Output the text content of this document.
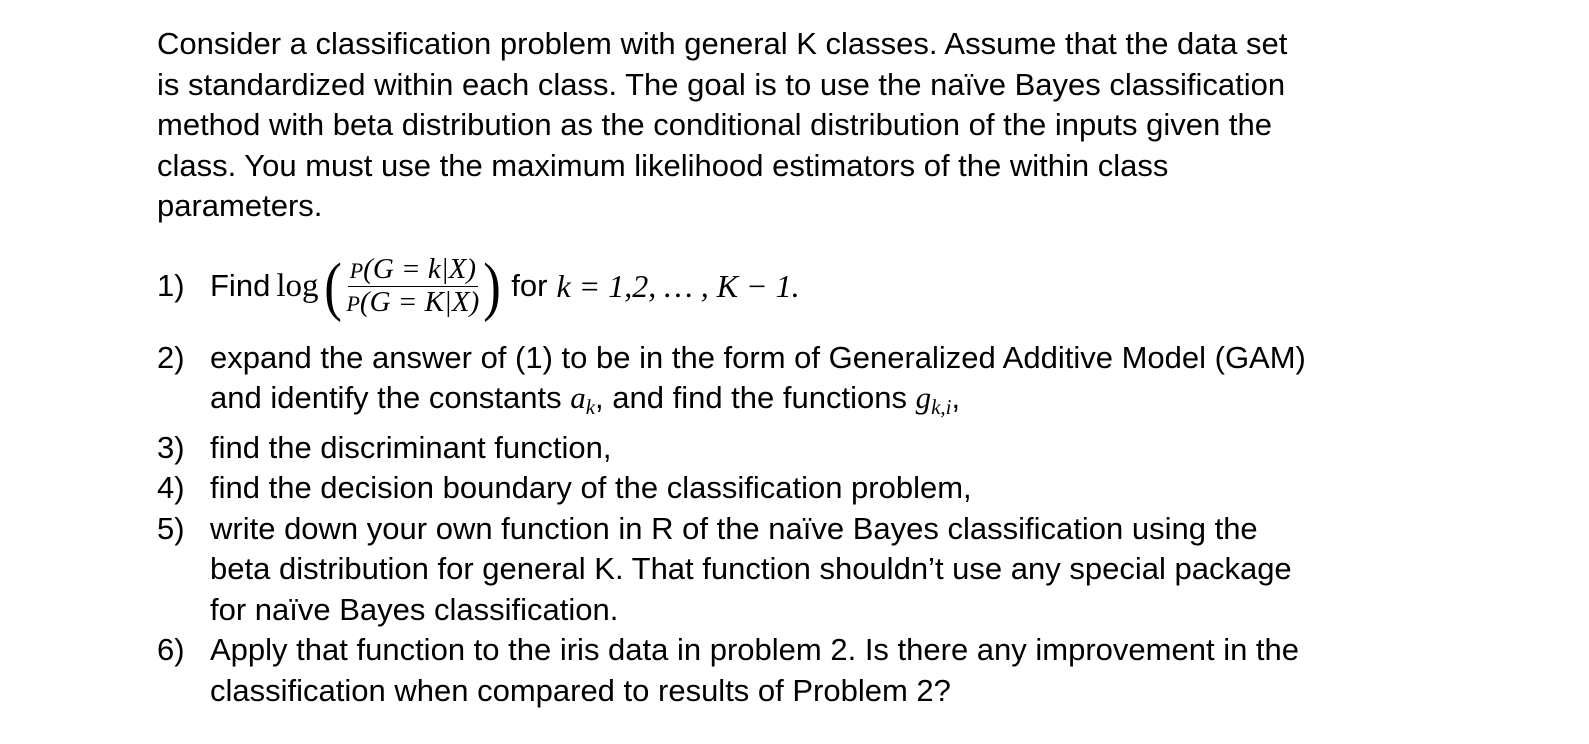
Consider a classification problem with general K classes. Assume that the data set
is standardized within each class. The goal is to use the naïve Bayes classification
method with beta distribution as the conditional distribution of the inputs given the
class. You must use the maximum likelihood estimators of the within class
parameters.
1) Find log ( $\frac{P(G = k|X)}{P(G = K|X)}$ ) for k = 1,2, … , K − 1.
2) expand the answer of (1) to be in the form of Generalized Additive Model (GAM)
and identify the constants $a_k$, and find the functions $g_{k,i}$,
3) find the discriminant function,
4) find the decision boundary of the classification problem,
5) write down your own function in R of the naïve Bayes classification using the
beta distribution for general K. That function shouldn’t use any special package
for naïve Bayes classification.
6) Apply that function to the iris data in problem 2. Is there any improvement in the
classification when compared to results of Problem 2?
